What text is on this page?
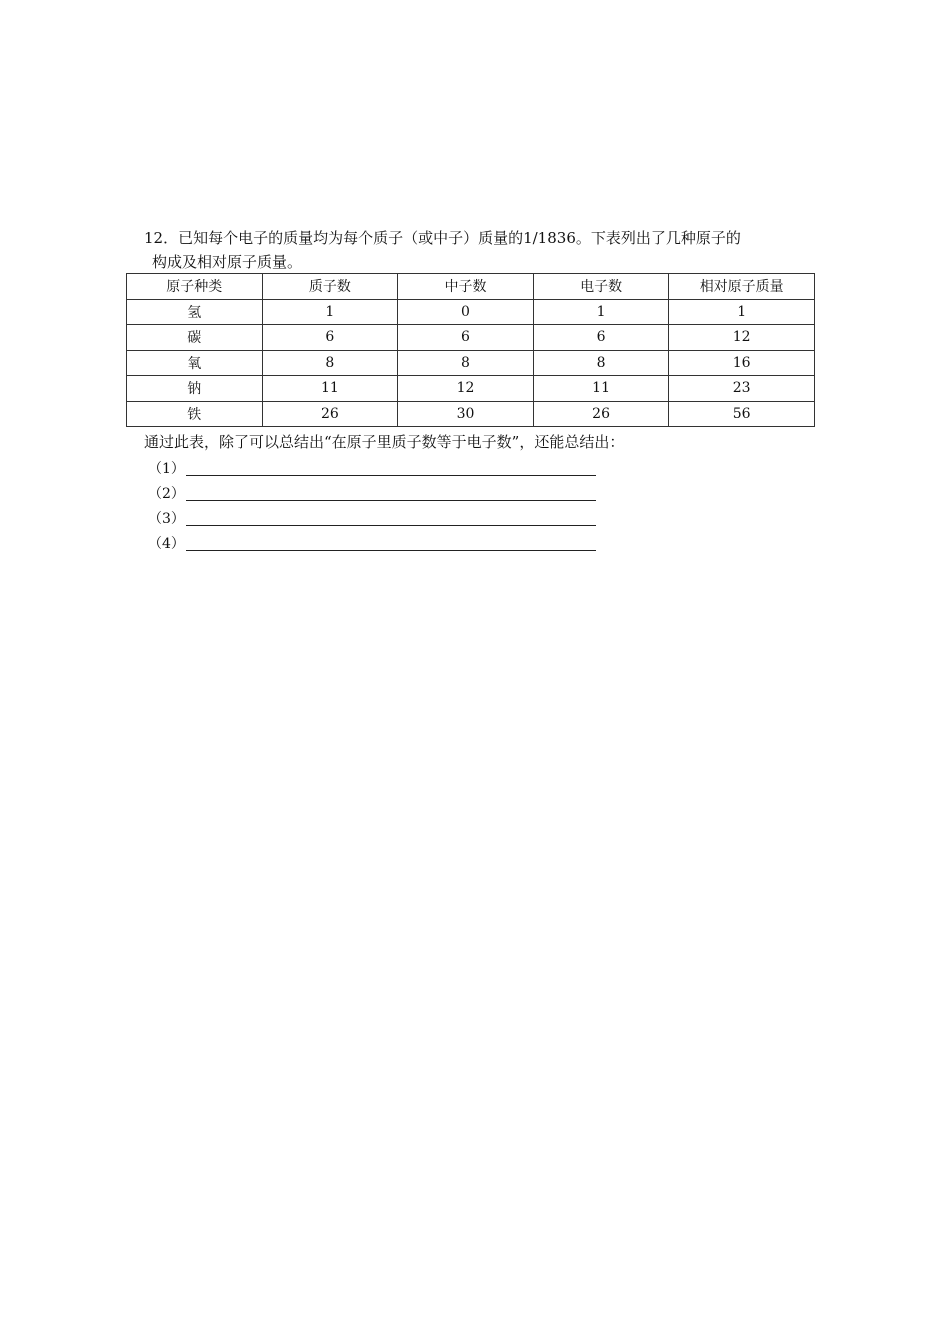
12．已知每个电子的质量均为每个质子（或中子）质量的1/1836。下表列出了几种原子的
构成及相对原子质量。
原子种类	质子数	中子数	电子数	相对原子质量
氢	1	0	1	1
碳	6	6	6	12
氧	8	8	8	16
钠	11	12	11	23
铁	26	30	26	56
通过此表，除了可以总结出“在原子里质子数等于电子数”，还能总结出：
（1）
（2）
（3）
（4）
